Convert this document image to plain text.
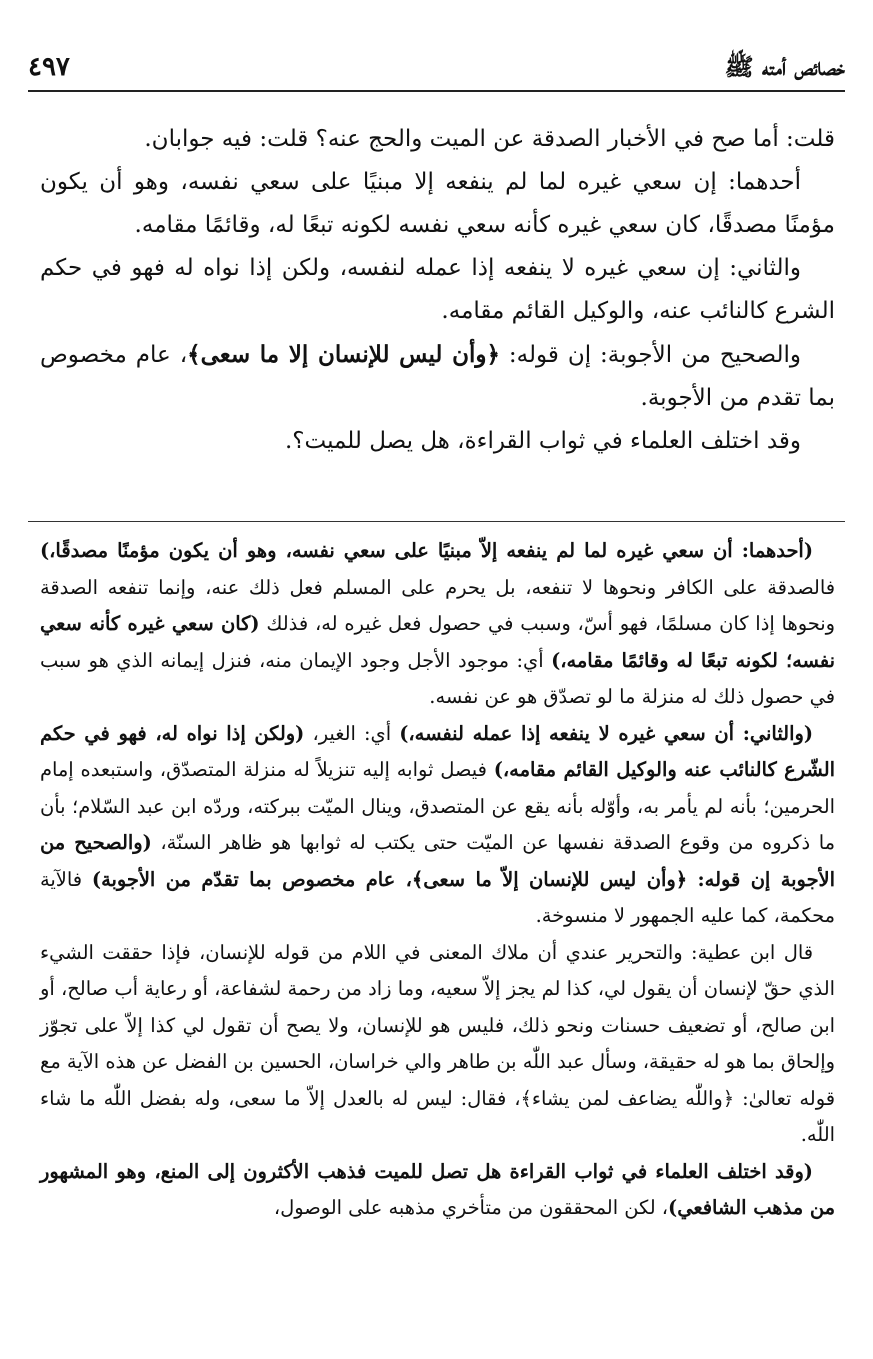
خصائص أمته ﷺ
٤٩٧

قلت: أما صح في الأخبار الصدقة عن الميت والحج عنه؟ قلت: فيه جوابان.

أحدهما: إن سعي غيره لما لم ينفعه إلا مبنيًا على سعي نفسه، وهو أن يكون مؤمنًا مصدقًا، كان سعي غيره كأنه سعي نفسه لكونه تبعًا له، وقائمًا مقامه.

والثاني: إن سعي غيره لا ينفعه إذا عمله لنفسه، ولكن إذا نواه له فهو في حكم الشرع كالنائب عنه، والوكيل القائم مقامه.

والصحيح من الأجوبة: إن قوله: ﴿وأن ليس للإنسان إلا ما سعى﴾، عام مخصوص بما تقدم من الأجوبة.

وقد اختلف العلماء في ثواب القراءة، هل يصل للميت؟.

(أحدهما: أن سعي غيره لما لم ينفعه إلاّ مبنيًا على سعي نفسه، وهو أن يكون مؤمنًا مصدقًا،) فالصدقة على الكافر ونحوها لا تنفعه، بل يحرم على المسلم فعل ذلك عنه، وإنما تنفعه الصدقة ونحوها إذا كان مسلمًا، فهو أسّ، وسبب في حصول فعل غيره له، فذلك (كان سعي غيره كأنه سعي نفسه؛ لكونه تبعًا له وقائمًا مقامه،) أي: موجود الأجل وجود الإيمان منه، فنزل إيمانه الذي هو سبب في حصول ذلك له منزلة ما لو تصدّق هو عن نفسه.

(والثاني: أن سعي غيره لا ينفعه إذا عمله لنفسه،) أي: الغير، (ولكن إذا نواه له، فهو في حكم الشّرع كالنائب عنه والوكيل القائم مقامه،) فيصل ثوابه إليه تنزيلاً له منزلة المتصدّق، واستبعده إمام الحرمين؛ بأنه لم يأمر به، وأوّله بأنه يقع عن المتصدق، وينال الميّت ببركته، وردّه ابن عبد السّلام؛ بأن ما ذكروه من وقوع الصدقة نفسها عن الميّت حتى يكتب له ثوابها هو ظاهر السنّة، (والصحيح من الأجوبة إن قوله: ﴿وأن ليس للإنسان إلاّ ما سعى﴾، عام مخصوص بما تقدّم من الأجوبة) فالآية محكمة، كما عليه الجمهور لا منسوخة.

قال ابن عطية: والتحرير عندي أن ملاك المعنى في اللام من قوله للإنسان، فإذا حققت الشيء الذي حقّ لإنسان أن يقول لي، كذا لم يجز إلاّ سعيه، وما زاد من رحمة لشفاعة، أو رعاية أب صالح، أو ابن صالح، أو تضعيف حسنات ونحو ذلك، فليس هو للإنسان، ولا يصح أن تقول لي كذا إلاّ على تجوّز وإلحاق بما هو له حقيقة، وسأل عبد اللّٰه بن طاهر والي خراسان، الحسين بن الفضل عن هذه الآية مع قوله تعالىٰ: ﴿واللّٰه يضاعف لمن يشاء﴾، فقال: ليس له بالعدل إلاّ ما سعى، وله بفضل اللّٰه ما شاء اللّٰه.

(وقد اختلف العلماء في ثواب القراءة هل تصل للميت فذهب الأكثرون إلى المنع، وهو المشهور من مذهب الشافعي)، لكن المحققون من متأخري مذهبه على الوصول،
